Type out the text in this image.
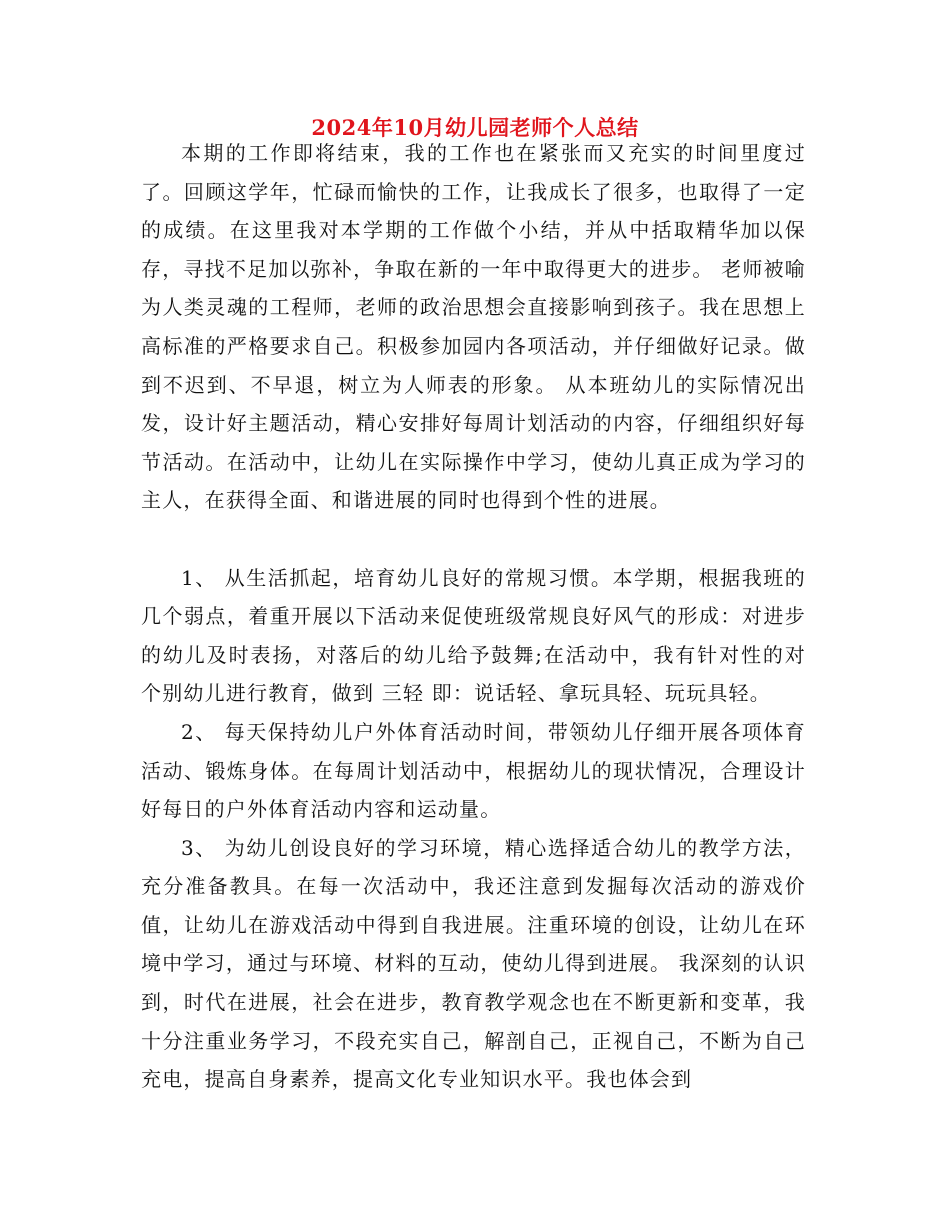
2024年10月幼儿园老师个人总结

本期的工作即将结束，我的工作也在紧张而又充实的时间里度过了。回顾这学年，忙碌而愉快的工作，让我成长了很多，也取得了一定的成绩。在这里我对本学期的工作做个小结，并从中括取精华加以保存，寻找不足加以弥补，争取在新的一年中取得更大的进步。 老师被喻为人类灵魂的工程师，老师的政治思想会直接影响到孩子。我在思想上高标准的严格要求自己。积极参加园内各项活动，并仔细做好记录。做到不迟到、不早退，树立为人师表的形象。 从本班幼儿的实际情况出发，设计好主题活动，精心安排好每周计划活动的内容，仔细组织好每节活动。在活动中，让幼儿在实际操作中学习，使幼儿真正成为学习的主人，在获得全面、和谐进展的同时也得到个性的进展。

1、 从生活抓起，培育幼儿良好的常规习惯。本学期，根据我班的几个弱点，着重开展以下活动来促使班级常规良好风气的形成：对进步的幼儿及时表扬，对落后的幼儿给予鼓舞;在活动中，我有针对性的对个别幼儿进行教育，做到 三轻 即：说话轻、拿玩具轻、玩玩具轻。

2、 每天保持幼儿户外体育活动时间，带领幼儿仔细开展各项体育活动、锻炼身体。在每周计划活动中，根据幼儿的现状情况，合理设计好每日的户外体育活动内容和运动量。

3、 为幼儿创设良好的学习环境，精心选择适合幼儿的教学方法，充分准备教具。在每一次活动中，我还注意到发掘每次活动的游戏价值，让幼儿在游戏活动中得到自我进展。注重环境的创设，让幼儿在环境中学习，通过与环境、材料的互动，使幼儿得到进展。 我深刻的认识到，时代在进展，社会在进步，教育教学观念也在不断更新和变革，我十分注重业务学习，不段充实自己，解剖自己，正视自己，不断为自己充电，提高自身素养，提高文化专业知识水平。我也体会到
